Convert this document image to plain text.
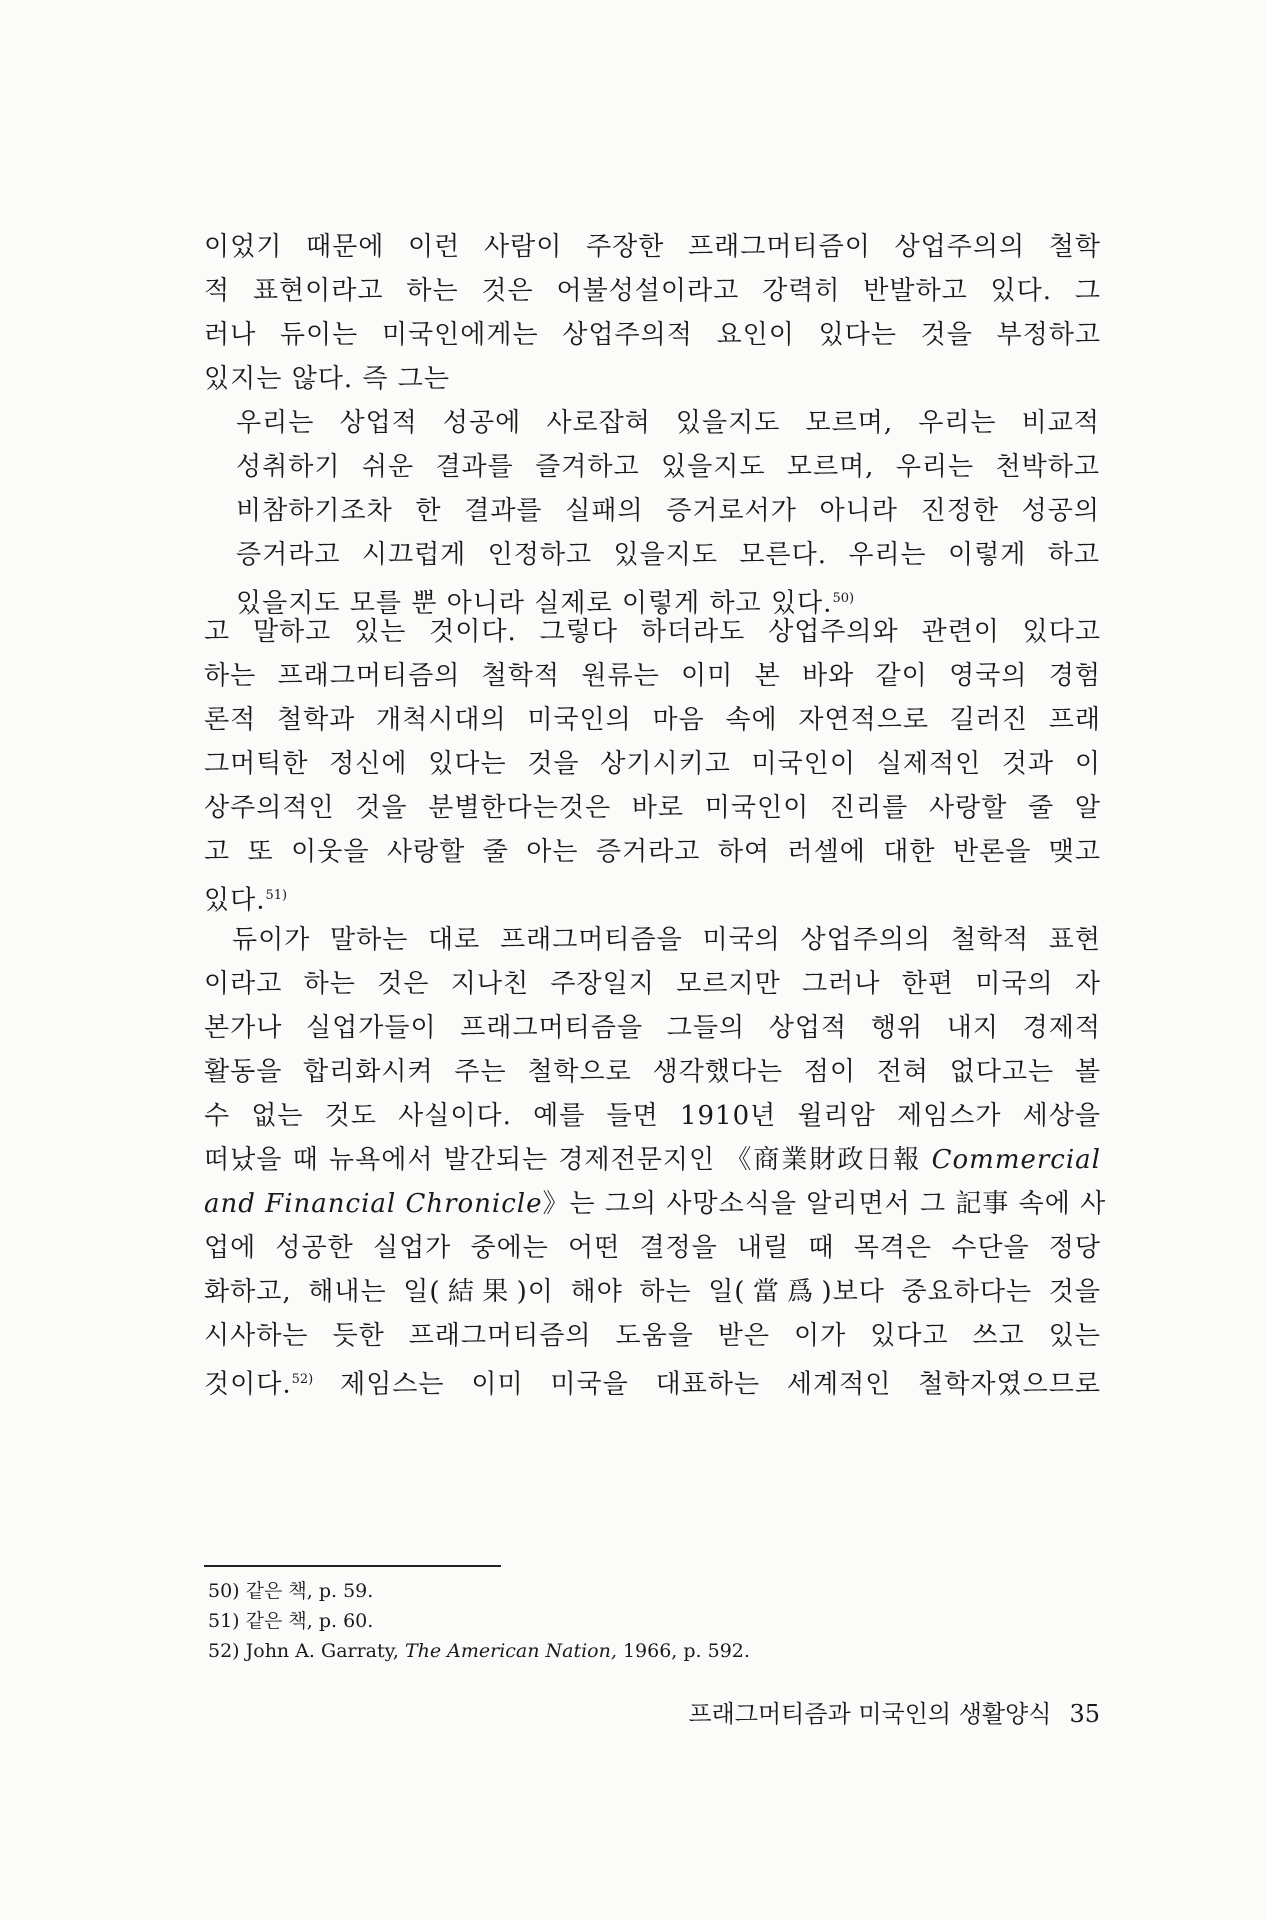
이었기 때문에 이런 사람이 주장한 프래그머티즘이 상업주의의 철학
적 표현이라고 하는 것은 어불성설이라고 강력히 반발하고 있다. 그
러나 듀이는 미국인에게는 상업주의적 요인이 있다는 것을 부정하고
있지는 않다. 즉 그는
우리는 상업적 성공에 사로잡혀 있을지도 모르며, 우리는 비교적
성취하기 쉬운 결과를 즐겨하고 있을지도 모르며, 우리는 천박하고
비참하기조차 한 결과를 실패의 증거로서가 아니라 진정한 성공의
증거라고 시끄럽게 인정하고 있을지도 모른다. 우리는 이렇게 하고
있을지도 모를 뿐 아니라 실제로 이렇게 하고 있다.$^{50)}$
고 말하고 있는 것이다. 그렇다 하더라도 상업주의와 관련이 있다고
하는 프래그머티즘의 철학적 원류는 이미 본 바와 같이 영국의 경험
론적 철학과 개척시대의 미국인의 마음 속에 자연적으로 길러진 프래
그머틱한 정신에 있다는 것을 상기시키고 미국인이 실제적인 것과 이
상주의적인 것을 분별한다는것은 바로 미국인이 진리를 사랑할 줄 알
고 또 이웃을 사랑할 줄 아는 증거라고 하여 러셀에 대한 반론을 맺고
있다.$^{51)}$
듀이가 말하는 대로 프래그머티즘을 미국의 상업주의의 철학적 표현
이라고 하는 것은 지나친 주장일지 모르지만 그러나 한편 미국의 자
본가나 실업가들이 프래그머티즘을 그들의 상업적 행위 내지 경제적
활동을 합리화시켜 주는 철학으로 생각했다는 점이 전혀 없다고는 볼
수 없는 것도 사실이다. 예를 들면 1910년 윌리암 제임스가 세상을
떠났을 때 뉴욕에서 발간되는 경제전문지인 《商業財政日報 Commercial
and Financial Chronicle》는 그의 사망소식을 알리면서 그 記事 속에 사
업에 성공한 실업가 중에는 어떤 결정을 내릴 때 목격은 수단을 정당
화하고, 해내는 일(結果)이 해야 하는 일(當爲)보다 중요하다는 것을
시사하는 듯한 프래그머티즘의 도움을 받은 이가 있다고 쓰고 있는
것이다.$^{52)}$ 제임스는 이미 미국을 대표하는 세계적인 철학자였으므로
50) 같은 책, p. 59.
51) 같은 책, p. 60.
52) John A. Garraty, The American Nation, 1966, p. 592.
프래그머티즘과 미국인의 생활양식 35
